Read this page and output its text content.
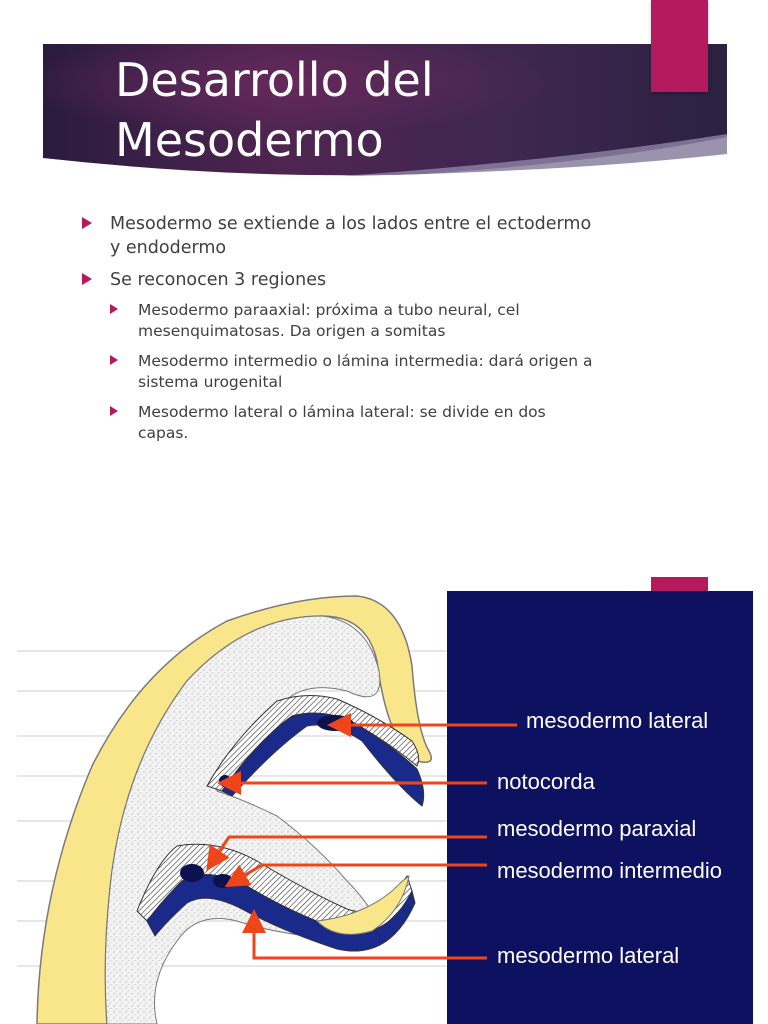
Desarrollo del
Mesodermo
Mesodermo se extiende a los lados entre el ectodermo y endodermo
Se reconocen 3 regiones
Mesodermo paraaxial: próxima a tubo neural, cel mesenquimatosas. Da origen a somitas
Mesodermo intermedio o lámina intermedia: dará origen a sistema urogenital
Mesodermo lateral o lámina lateral: se divide en dos capas.
mesodermo lateral
notocorda
mesodermo paraxial
mesodermo intermedio
mesodermo lateral
